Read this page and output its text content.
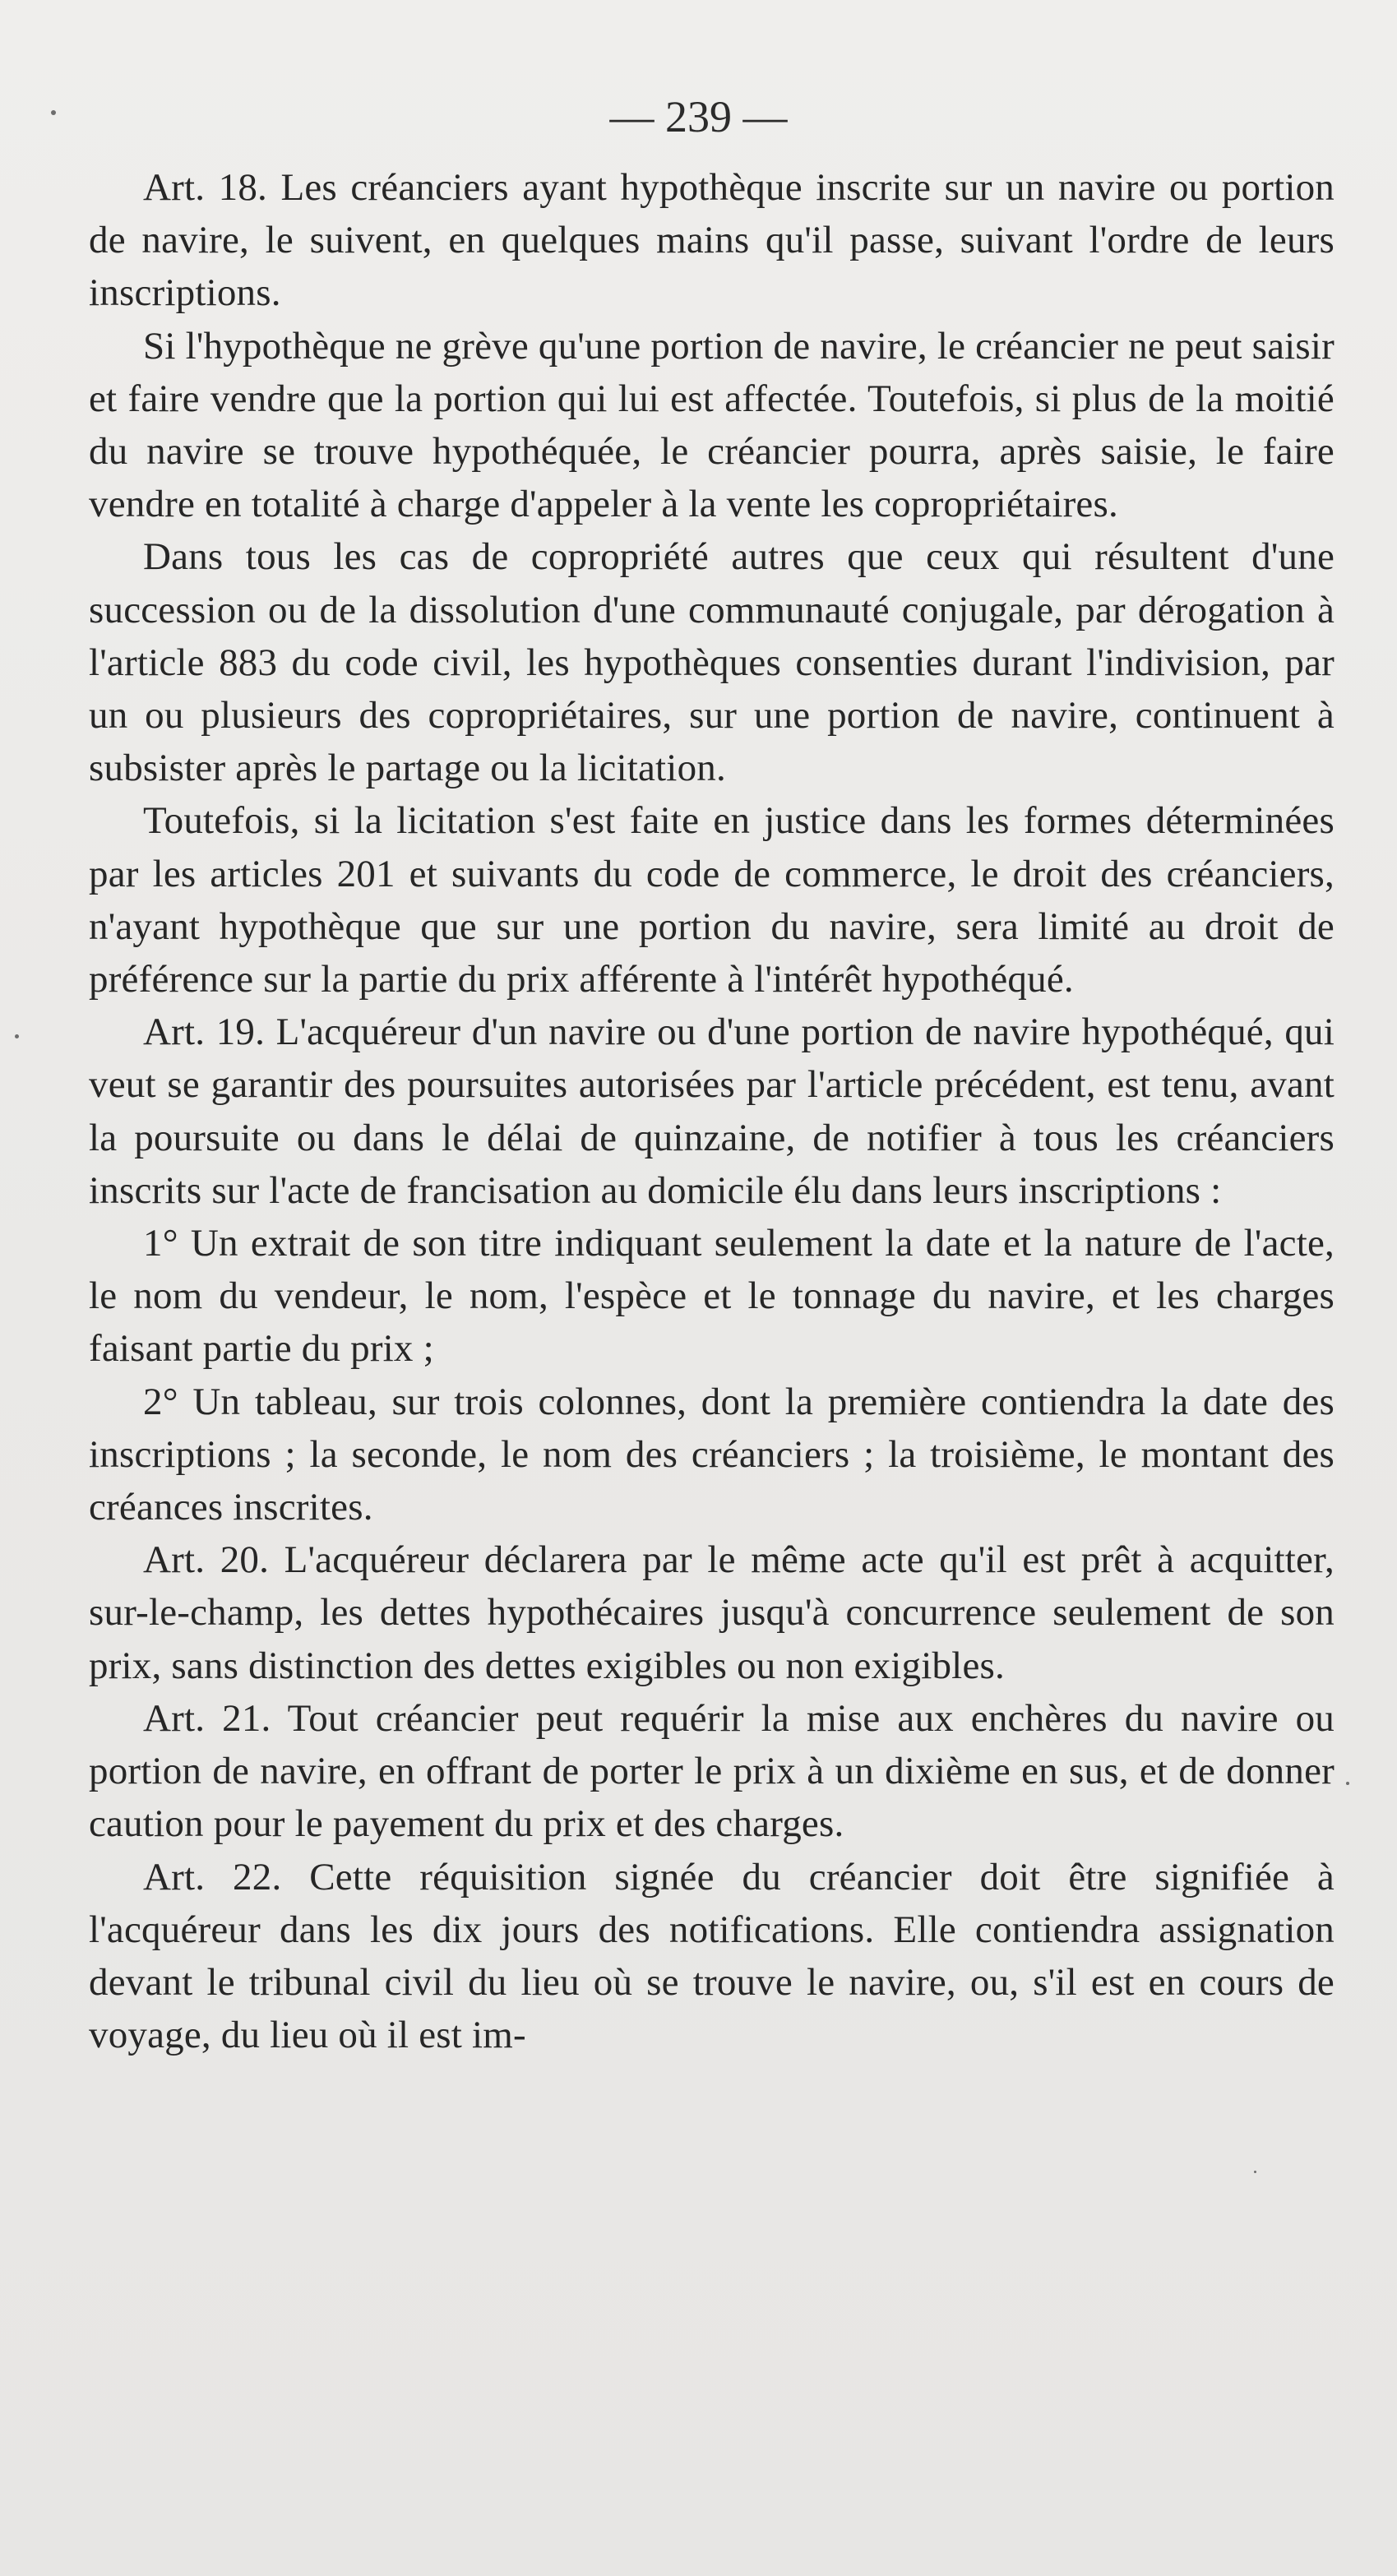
— 239 —

Art. 18. Les créanciers ayant hypothèque inscrite sur un navire ou portion de navire, le suivent, en quelques mains qu'il passe, suivant l'ordre de leurs inscriptions.

Si l'hypothèque ne grève qu'une portion de navire, le créancier ne peut saisir et faire vendre que la portion qui lui est affectée. Toutefois, si plus de la moitié du navire se trouve hypothéquée, le créancier pourra, après saisie, le faire vendre en totalité à charge d'appeler à la vente les copropriétaires.

Dans tous les cas de copropriété autres que ceux qui résultent d'une succession ou de la dissolution d'une communauté conjugale, par dérogation à l'article 883 du code civil, les hypothèques consenties durant l'indivision, par un ou plusieurs des copropriétaires, sur une portion de navire, continuent à subsister après le partage ou la licitation.

Toutefois, si la licitation s'est faite en justice dans les formes déterminées par les articles 201 et suivants du code de commerce, le droit des créanciers, n'ayant hypothèque que sur une portion du navire, sera limité au droit de préférence sur la partie du prix afférente à l'intérêt hypothéqué.

Art. 19. L'acquéreur d'un navire ou d'une portion de navire hypothéqué, qui veut se garantir des poursuites autorisées par l'article précédent, est tenu, avant la poursuite ou dans le délai de quinzaine, de notifier à tous les créanciers inscrits sur l'acte de francisation au domicile élu dans leurs inscriptions :

1° Un extrait de son titre indiquant seulement la date et la nature de l'acte, le nom du vendeur, le nom, l'espèce et le tonnage du navire, et les charges faisant partie du prix ;

2° Un tableau, sur trois colonnes, dont la première contiendra la date des inscriptions ; la seconde, le nom des créanciers ; la troisième, le montant des créances inscrites.

Art. 20. L'acquéreur déclarera par le même acte qu'il est prêt à acquitter, sur-le-champ, les dettes hypothécaires jusqu'à concurrence seulement de son prix, sans distinction des dettes exigibles ou non exigibles.

Art. 21. Tout créancier peut requérir la mise aux enchères du navire ou portion de navire, en offrant de porter le prix à un dixième en sus, et de donner caution pour le payement du prix et des charges.

Art. 22. Cette réquisition signée du créancier doit être signifiée à l'acquéreur dans les dix jours des notifications. Elle contiendra assignation devant le tribunal civil du lieu où se trouve le navire, ou, s'il est en cours de voyage, du lieu où il est im-
